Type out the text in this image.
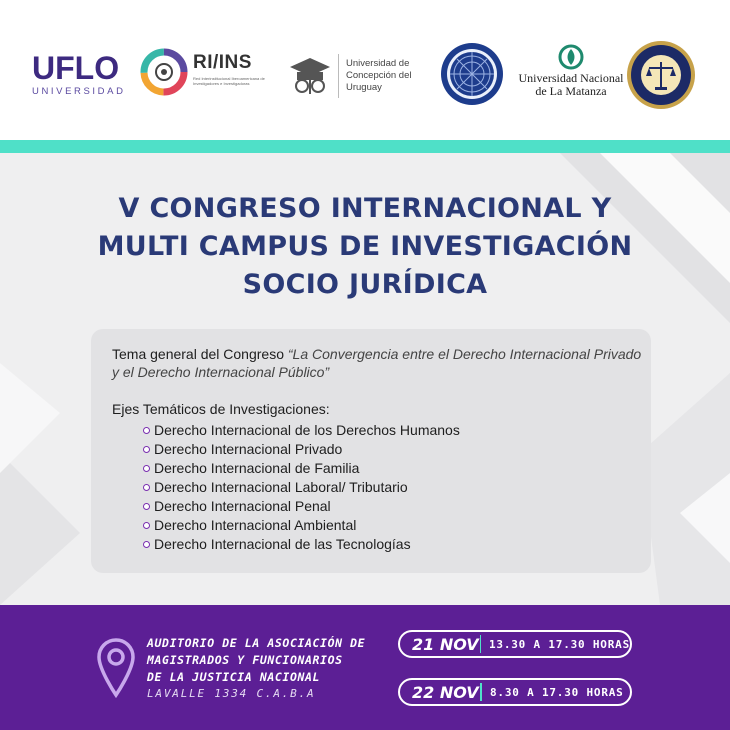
UFLO
UNIVERSIDAD
RI/INS
Red Interinstitucional Iberoamericana de Investigadores e Investigadoras
Universidad de
Concepción del
Uruguay
Universidad Nacional
de La Matanza
V CONGRESO INTERNACIONAL Y
MULTI CAMPUS DE INVESTIGACIÓN
SOCIO JURÍDICA
Tema general del Congreso “La Convergencia entre el Derecho Internacional Privado y el Derecho Internacional Público”
Ejes Temáticos de Investigaciones:
Derecho Internacional de los Derechos Humanos
Derecho Internacional Privado
Derecho Internacional de Familia
Derecho Internacional Laboral/ Tributario
Derecho Internacional Penal
Derecho Internacional Ambiental
Derecho Internacional de las Tecnologías
AUDITORIO DE LA ASOCIACIÓN DE
MAGISTRADOS Y FUNCIONARIOS
DE LA JUSTICIA NACIONAL
LAVALLE 1334 C.A.B.A
21 NOV 13.30 A 17.30 HORAS
22 NOV 8.30 A 17.30 HORAS
